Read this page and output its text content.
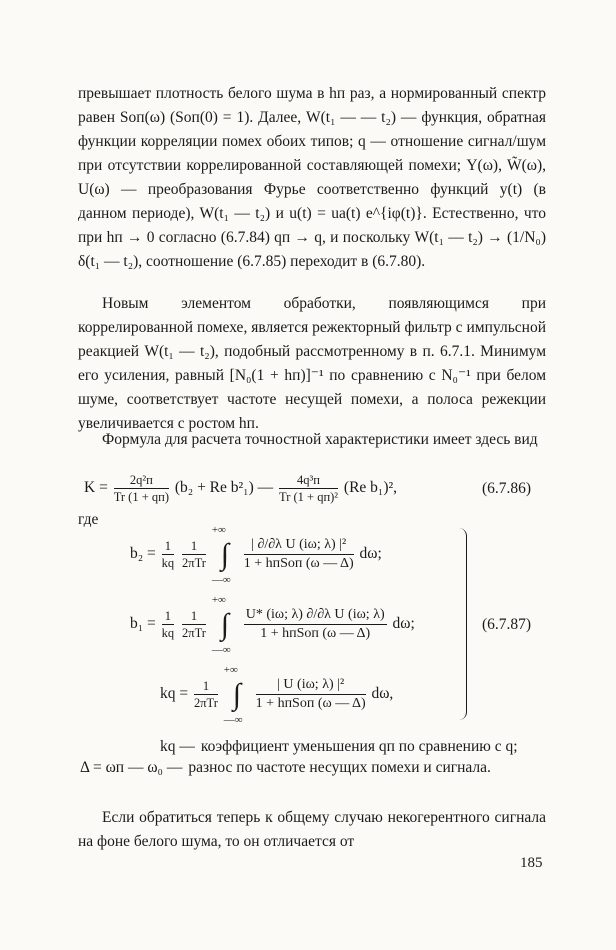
превышает плотность белого шума в hп раз, а нормированный спектр равен Sоп(ω) (Sоп(0) = 1). Далее, W(t₁ — — t₂) — функция, обратная функции корреляции помех обоих типов; q — отношение сигнал/шум при отсутствии коррелированной составляющей помехи; Y(ω), W̃(ω), U(ω) — преобразования Фурье соответственно функций y(t) (в данном периоде), W(t₁ — t₂) и u(t) = uа(t) e^{iφ(t)}. Естественно, что при hп → 0 согласно (6.7.84) qп → q, и поскольку W(t₁ — t₂) → (1/N₀) δ(t₁ — t₂), соотношение (6.7.85) переходит в (6.7.80).

Новым элементом обработки, появляющимся при коррелированной помехе, является режекторный фильтр с импульсной реакцией W(t₁ — t₂), подобный рассмотренному в п. 6.7.1. Минимум его усиления, равный [N₀(1 + hп)]⁻¹ по сравнению с N₀⁻¹ при белом шуме, соответствует частоте несущей помехи, а полоса режекции увеличивается с ростом hп.

Формула для расчета точностной характеристики имеет здесь вид

$K = \frac{\text{2q²п}}{Tr (1 + qп)} (b_2 + Re$ b²₁) — $\frac{\text{4q³п}}{\text{Tr (1 + qп)²}} (Re$ b₁)²,	(6.7.86)
где
$b_2 = \frac{1}{kq}$
$\frac{1}{\text{2πTr}}$ ∫
+∞
—∞

$\frac{\text{| ∂/∂λ U (iω; λ) |²}}{\text{1 + hпSоп (ω — Δ)}} d\omega$;
$b_1 = \frac{1}{kq}$
$\frac{1}{\text{2πTr}}$ ∫
+∞
—∞

$\frac{\text{U* (iω; λ) ∂/∂λ U (iω; λ)}}{\text{1 + hпSоп (ω — Δ)}} d\omega$;	(6.7.87)
kq = $\frac{1}{\text{2πTr}}$ ∫
+∞
—∞

$\frac{\text{| U (iω; λ) |²}}{\text{1 + hпSоп (ω — Δ)}} d\omega$,
kq — коэффициент уменьшения qп по сравнению с q;
Δ = ωп — ω₀ — разнос по частоте несущих помехи и сигнала.

Если обратиться теперь к общему случаю некогерентного сигнала на фоне белого шума, то он отличается от

185
